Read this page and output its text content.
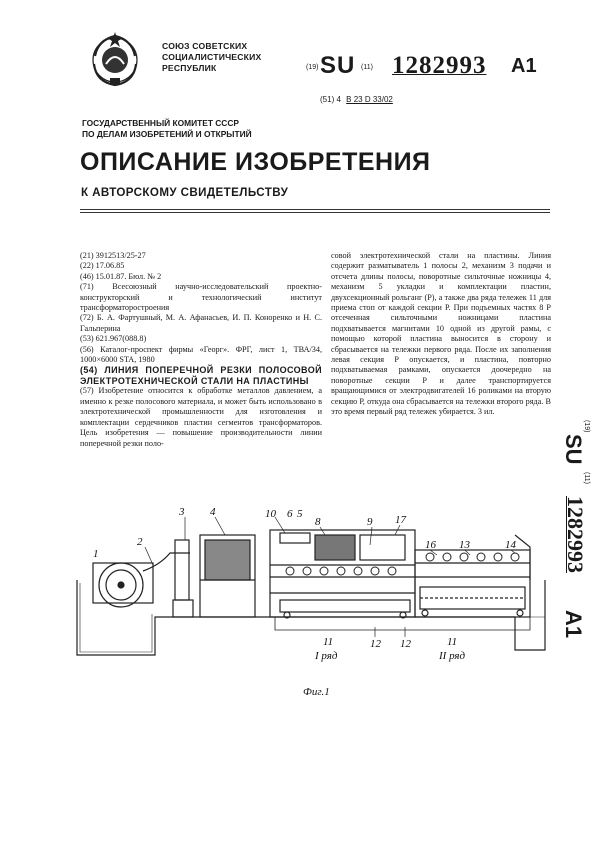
СОЮЗ СОВЕТСКИХ
СОЦИАЛИСТИЧЕСКИХ
РЕСПУБЛИК	(19) SU (11) 1282993 A1
(51) 4 В 23 D 33/02
ГОСУДАРСТВЕННЫЙ КОМИТЕТ СССР
ПО ДЕЛАМ ИЗОБРЕТЕНИЙ И ОТКРЫТИЙ
ОПИСАНИЕ ИЗОБРЕТЕНИЯ
К АВТОРСКОМУ СВИДЕТЕЛЬСТВУ

(21) 3912513/25-27

(22) 17.06.85

(46) 15.01.87. Бюл. № 2

(71) Всесоюзный научно-исследовательский проектно-конструкторский и технологический институт трансформаторостроения

(72) Б. А. Фартушный, М. А. Афанасьев, И. П. Коноренко и Н. С. Гальперина

(53) 621.967(088.8)

(56) Каталог-проспект фирмы «Георг». ФРГ, лист 1, ТВА/34, 1000×6000 STA, 1980

(54) ЛИНИЯ ПОПЕРЕЧНОЙ РЕЗКИ ПОЛОСОВОЙ ЭЛЕКТРОТЕХНИЧЕСКОЙ СТАЛИ НА ПЛАСТИНЫ

(57) Изобретение относится к обработке металлов давлением, а именно к резке полосового материала, и может быть использовано в электротехнической промышленности для изготовления и комплектации сердечников пластин сегментов трансформаторов. Цель изобретения — повышение производительности линии поперечной резки поло-

совой электротехнической стали на пластины. Линия содержит разматыватель 1 полосы 2, механизм 3 подачи и отсчета длины полосы, поворотные сильточные ножницы 4, механизм 5 укладки и комплектации пластин, двухсекционный рольганг (Р), а также два ряда тележек 11 для приема стоп от каждой секции Р. При подъемных частях 8 Р отсеченная сильточными ножницами пластина подхватывается магнитами 10 одной из другой рамы, с помощью которой пластина выносится в сторону и сбрасывается на тележки первого ряда. После их заполнения левая секция Р опускается, и пластина, повторно подхватываемая рамками, опускается доочередно на поворотные секции Р и далее транспортируется вращающимися от электродвигателей 16 роликами на вторую секцию Р, откуда она сбрасывается на тележки второго ряда. В это время первый ряд тележек убирается. 3 ил.

(19)
SU
(11)
1282993
A1
3 4
2
1
10 6 5
8	9 17
16 13	14
12 12
11	11
I ряд	II ряд
Фиг.1
